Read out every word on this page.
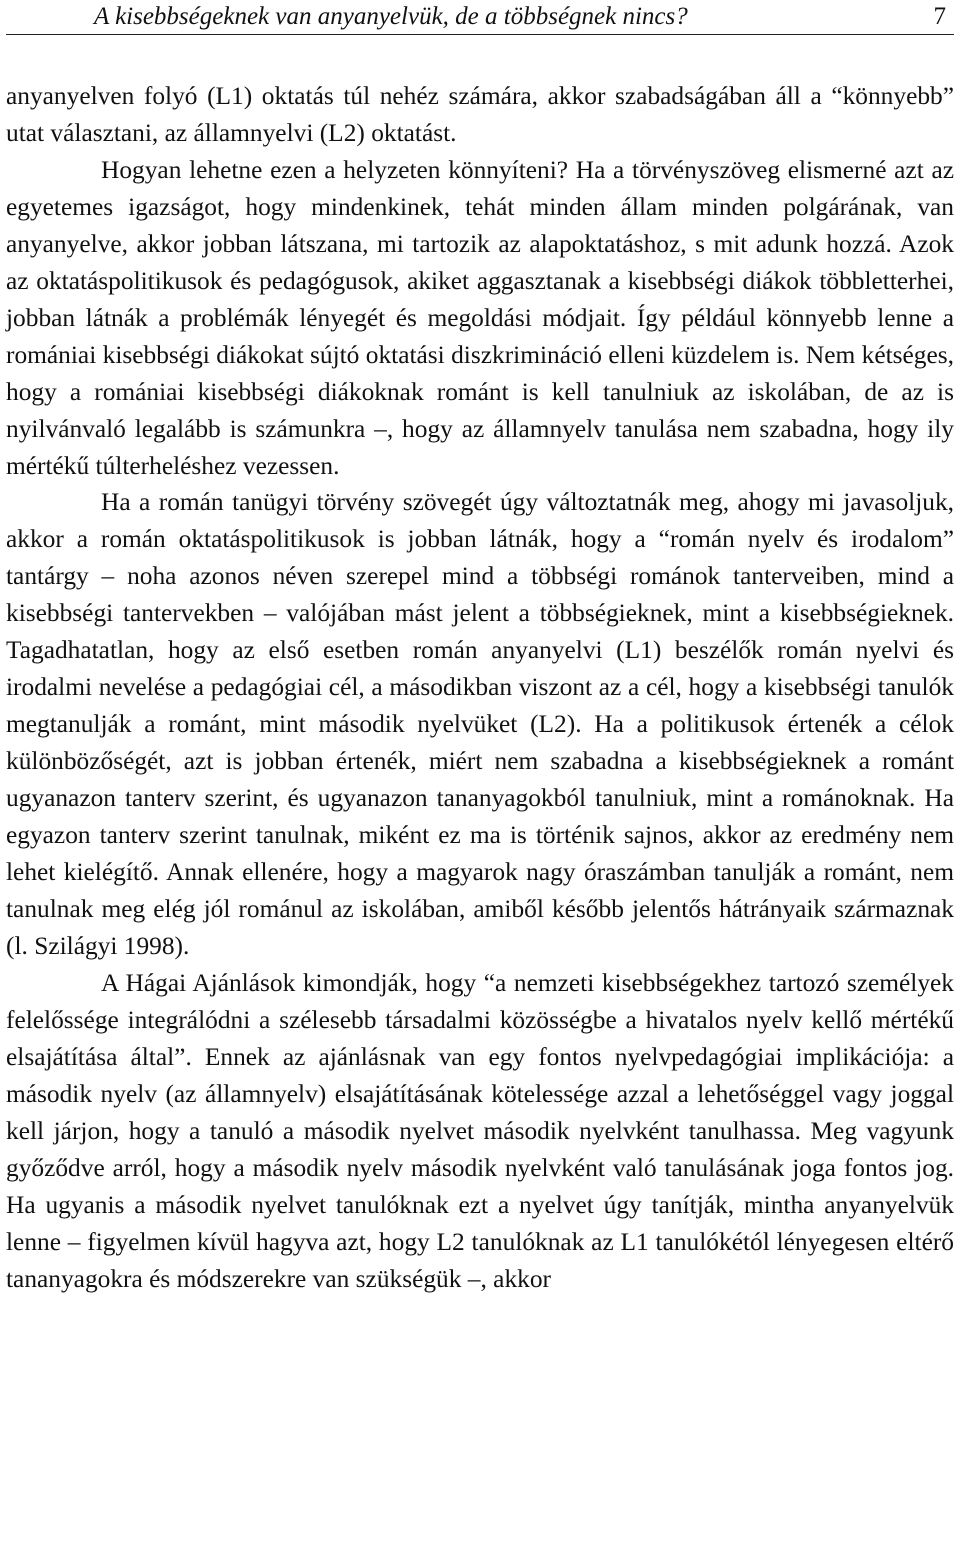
A kisebbségeknek van anyanyelvük, de a többségnek nincs?	7

anyanyelven folyó (L1) oktatás túl nehéz számára, akkor szabadságában áll a “könnyebb” utat választani, az államnyelvi (L2) oktatást.

Hogyan lehetne ezen a helyzeten könnyíteni? Ha a törvényszöveg elismerné azt az egyetemes igazságot, hogy mindenkinek, tehát minden állam minden polgárának, van anyanyelve, akkor jobban látszana, mi tartozik az alapoktatáshoz, s mit adunk hozzá. Azok az oktatáspolitikusok és pedagógusok, akiket aggasztanak a kisebbségi diákok többletterhei, jobban látnák a problémák lényegét és megoldási módjait. Így például könnyebb lenne a romániai kisebbségi diákokat sújtó oktatási diszkrimináció elleni küzdelem is. Nem kétséges, hogy a romániai kisebbségi diákoknak románt is kell tanulniuk az iskolában, de az is nyilvánvaló legalább is számunkra –, hogy az államnyelv tanulása nem szabadna, hogy ily mértékű túlterheléshez vezessen.

Ha a román tanügyi törvény szövegét úgy változtatnák meg, ahogy mi javasoljuk, akkor a román oktatáspolitikusok is jobban látnák, hogy a “román nyelv és irodalom” tantárgy – noha azonos néven szerepel mind a többségi románok tanterveiben, mind a kisebbségi tantervekben – valójában mást jelent a többségieknek, mint a kisebbségieknek. Tagadhatatlan, hogy az első esetben román anyanyelvi (L1) beszélők román nyelvi és irodalmi nevelése a pedagógiai cél, a másodikban viszont az a cél, hogy a kisebbségi tanulók megtanulják a románt, mint második nyelvüket (L2). Ha a politikusok értenék a célok különbözőségét, azt is jobban értenék, miért nem szabadna a kisebbségieknek a románt ugyanazon tanterv szerint, és ugyanazon tananyagokból tanulniuk, mint a románoknak. Ha egyazon tanterv szerint tanulnak, miként ez ma is történik sajnos, akkor az eredmény nem lehet kielégítő. Annak ellenére, hogy a magyarok nagy óraszámban tanulják a románt, nem tanulnak meg elég jól románul az iskolában, amiből később jelentős hátrányaik származnak (l. Szilágyi 1998).

A Hágai Ajánlások kimondják, hogy “a nemzeti kisebbségekhez tartozó személyek felelőssége integrálódni a szélesebb társadalmi közösségbe a hivatalos nyelv kellő mértékű elsajátítása által”. Ennek az ajánlásnak van egy fontos nyelvpedagógiai implikációja: a második nyelv (az államnyelv) elsajátításának kötelessége azzal a lehetőséggel vagy joggal kell járjon, hogy a tanuló a második nyelvet második nyelvként tanulhassa. Meg vagyunk győződve arról, hogy a második nyelv második nyelvként való tanulásának joga fontos jog. Ha ugyanis a második nyelvet tanulóknak ezt a nyelvet úgy tanítják, mintha anyanyelvük lenne – figyelmen kívül hagyva azt, hogy L2 tanulóknak az L1 tanulókétól lényegesen eltérő tananyagokra és módszerekre van szükségük –, akkor
